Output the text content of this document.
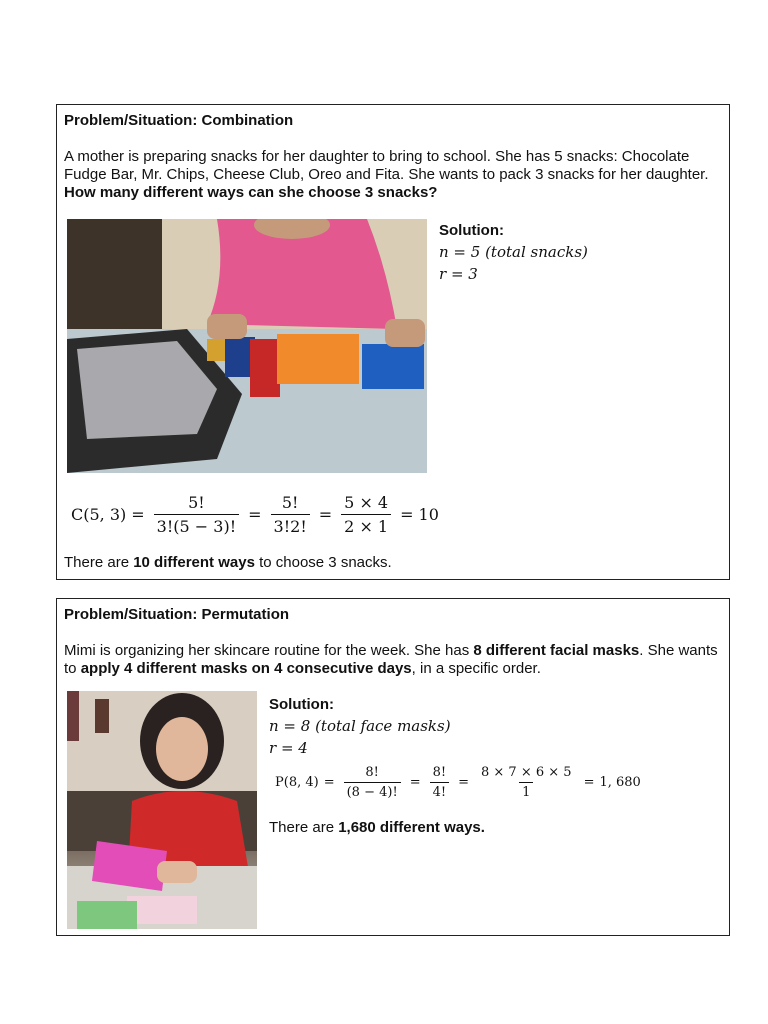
Problem/Situation: Combination

A mother is preparing snacks for her daughter to bring to school. She has 5 snacks: Chocolate Fudge Bar, Mr. Chips, Cheese Club, Oreo and Fita. She wants to pack 3 snacks for her daughter. How many different ways can she choose 3 snacks?

Solution:
n = 5 (total snacks)
r = 3
C(5, $3) = \frac{5!}{3!(5 - 3)!} = \frac{5!}{3!2!} = \frac{5 \times 4}{2 \times 1} = 10$

There are 10 different ways to choose 3 snacks.

Problem/Situation: Permutation

Mimi is organizing her skincare routine for the week. She has 8 different facial masks. She wants to apply 4 different masks on 4 consecutive days, in a specific order.

Solution:
n = 8 (total face masks)
r = 4
P(8, $4) = \frac{8!}{(8 - 4)!} = \frac{8!}{4!} = \frac{8 \times 7 \times 6 \times 5}{1} = 1$, 680

There are 1,680 different ways.
